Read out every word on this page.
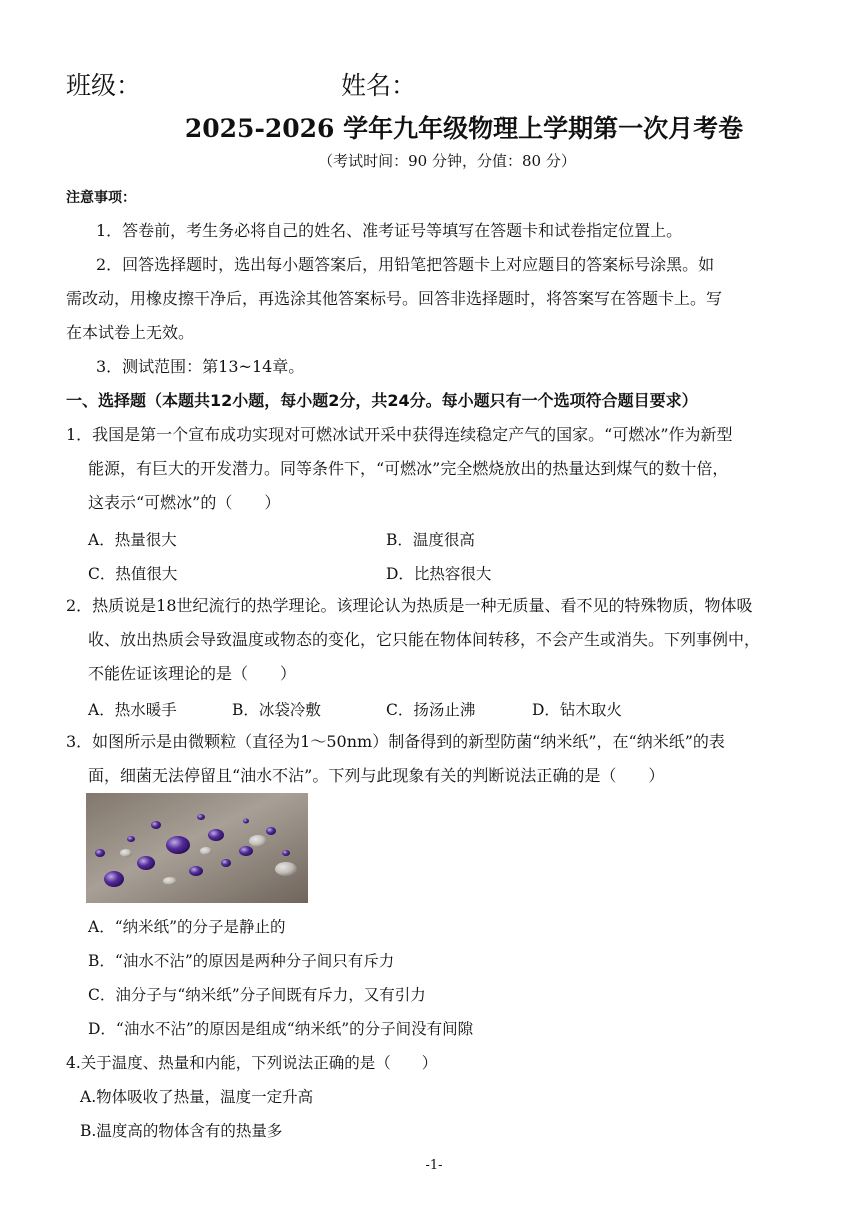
班级：	姓名：
2025-2026 学年九年级物理上学期第一次月考卷
（考试时间：90 分钟，分值：80 分）
注意事项：
1．答卷前，考生务必将自己的姓名、准考证号等填写在答题卡和试卷指定位置上。
2．回答选择题时，选出每小题答案后，用铅笔把答题卡上对应题目的答案标号涂黑。如
需改动，用橡皮擦干净后，再选涂其他答案标号。回答非选择题时，将答案写在答题卡上。写
在本试卷上无效。
3．测试范围：第13~14章。
一、选择题（本题共12小题，每小题2分，共24分。每小题只有一个选项符合题目要求）
1．我国是第一个宣布成功实现对可燃冰试开采中获得连续稳定产气的国家。“可燃冰”作为新型
能源，有巨大的开发潜力。同等条件下，“可燃冰”完全燃烧放出的热量达到煤气的数十倍，
这表示“可燃冰”的（　　）
A．热量很大	B．温度很高
C．热值很大	D．比热容很大
2．热质说是18世纪流行的热学理论。该理论认为热质是一种无质量、看不见的特殊物质，物体吸
收、放出热质会导致温度或物态的变化，它只能在物体间转移，不会产生或消失。下列事例中，
不能佐证该理论的是（　　）
A．热水暖手	B．冰袋冷敷	C．扬汤止沸	D．钻木取火
3．如图所示是由微颗粒（直径为1～50nm）制备得到的新型防菌“纳米纸”，在“纳米纸”的表
面，细菌无法停留且“油水不沾”。下列与此现象有关的判断说法正确的是（　　）
A．“纳米纸”的分子是静止的
B．“油水不沾”的原因是两种分子间只有斥力
C．油分子与“纳米纸”分子间既有斥力，又有引力
D．“油水不沾”的原因是组成“纳米纸”的分子间没有间隙
4.关于温度、热量和内能，下列说法正确的是（　　）
A.物体吸收了热量，温度一定升高
B.温度高的物体含有的热量多
-1-
